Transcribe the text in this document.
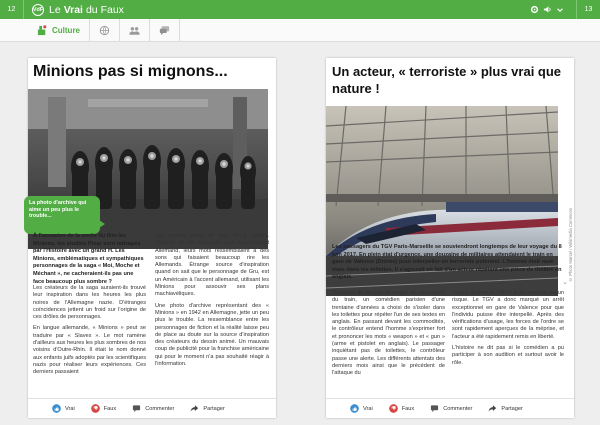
12	VdF Le Vrai du Faux	13
Culture
Minions pas si mignons...
La photo d'archive qui aime un peu plus le trouble...
À l'occasion de la sortie du film les Minions, les studios Pixar sont rattrapés par l'Histoire avec un grand H. Les Minions, emblématiques et sympathiques personnages de la saga « Moi, Moche et Méchant », ne cacheraient-ils pas une face beaucoup plus sombre ?

Les créateurs de la saga auraient-ils trouvé leur inspiration dans les heures les plus noires de l'Allemagne nazie. D'étranges coïncidences jettent un froid sur l'origine de ces drôles de personnages.

En langue allemande, « Minions » peut se traduire par « Slaves ». Le mot ramène d'ailleurs aux heures les plus sombres de nos voisins d'Outre-Rhin. Il était le nom donné aux enfants juifs adoptés par les scientifiques nazis pour réaliser leurs expériences. Ces derniers passaient

une grande partie de leur vie à souffrir. Comme ils ne parlaient pas couramment Allemand, leurs mots ressemblaient à des sons qui faisaient beaucoup rire les Allemands. Étrange source d'inspiration quand on sait que le personnage de Gru, est un Américain à l'accent allemand, utilisant les Minions pour assouvir ses plans machiavéliques.

Une photo d'archive représentant des « Minions » en 1942 en Allemagne, jette un peu plus le trouble. La ressemblance entre les personnages de fiction et la réalité laisse peu de place au doute sur la source d'inspiration des créateurs du dessin animé. Un mauvais coup de publicité pour la franchise américaine qui pour le moment n'a pas souhaité réagir à l'information.

Vrai	Faux	Commenter	Partager
Un acteur, « terroriste » plus vrai que nature !
© Photo Marcel / Wikimedia Commons
Les passagers du TGV Paris-Marseille se souviendront longtemps de leur voyage du 8 juin 2017. En plein état d'urgence, une douzaine de militaires attendaient le train en gare de Valence (Drôme) pour interpeller un terroriste potentiel. L'homme était rasé mais dans les toilettes. Il s'agissait en fait d'un acteur répétant une pièce de théâtre en anglais.
⌄

Soucieux de ne pas déranger les passagers du train, un comédien parisien d'une trentaine d'années a choisi de s'isoler dans les toilettes pour répéter l'un de ses textes en anglais. En passant devant les commodités, le contrôleur entend l'homme s'exprimer fort et prononcer les mots « weapon » et « gun » (arme et pistolet en anglais). Le passager inquiétant pas de toilettes, le contrôleur passe une alerte. Les différents attentats des derniers mois ainsi que le précédent de l'attaque du

Thalys incitent la SNCF à ne prendre aucun risque. Le TGV a donc marqué un arrêt exceptionnel en gare de Valence pour que l'individu puisse être interpellé. Après des vérifications d'usage, les forces de l'ordre se sont rapidement aperçues de la méprise, et l'acteur a été rapidement remis en liberté.

L'histoire ne dit pas si le comédien a pu participer à son audition et surtout avoir le rôle.

Vrai	Faux	Commenter	Partager
